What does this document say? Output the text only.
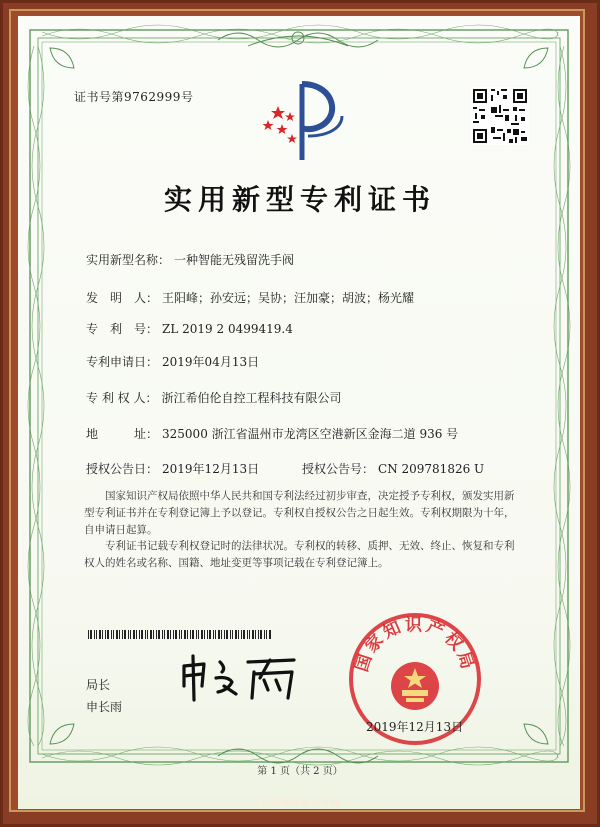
证书号第9762999号
实用新型专利证书
实用新型名称： 一种智能无残留洗手阀
发　明　人： 王阳峰；孙安远；吴协；汪加豪；胡波；杨光耀
专　利　号： ZL 2019 2 0499419.4
专利申请日： 2019年04月13日
专 利 权 人： 浙江希伯伦自控工程科技有限公司
地　　　址： 325000 浙江省温州市龙湾区空港新区金海二道 936 号
授权公告日： 2019年12月13日	授权公告号： CN 209781826 U
国家知识产权局依照中华人民共和国专利法经过初步审查，决定授予专利权，颁发实用新型专利证书并在专利登记簿上予以登记。专利权自授权公告之日起生效。专利权期限为十年，自申请日起算。
专利证书记载专利权登记时的法律状况。专利权的转移、质押、无效、终止、恢复和专利权人的姓名或名称、国籍、地址变更等事项记载在专利登记簿上。
局长
申长雨
国家知识产权局
2019年12月13日
第 1 页（共 2 页）
其他事项参见背面
